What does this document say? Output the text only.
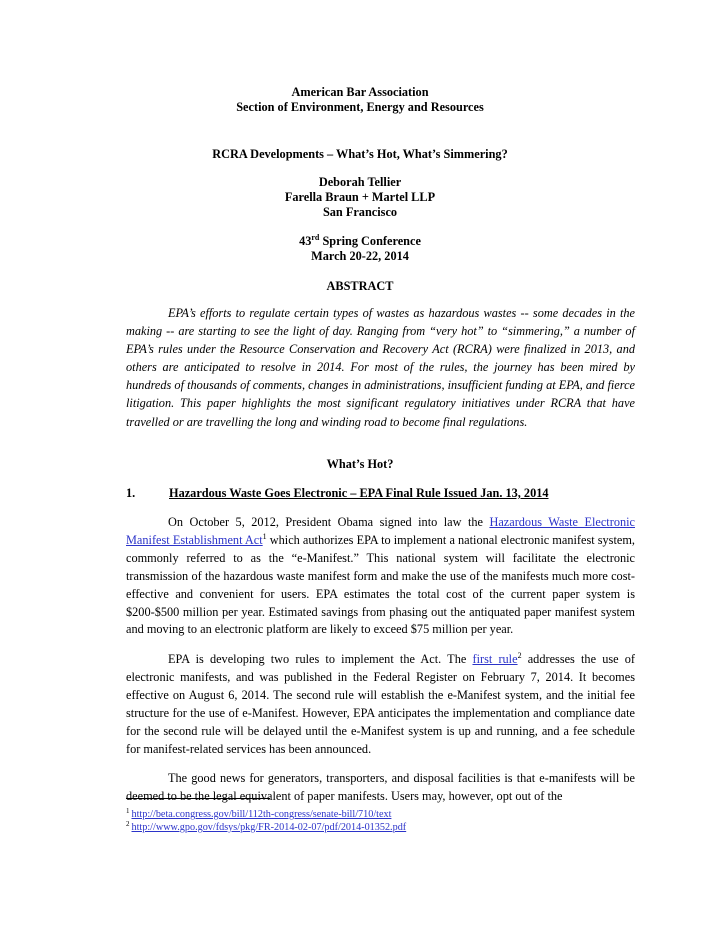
American Bar Association
Section of Environment, Energy and Resources
RCRA Developments – What’s Hot, What’s Simmering?
Deborah Tellier
Farella Braun + Martel LLP
San Francisco
43rd Spring Conference
March 20-22, 2014
ABSTRACT
EPA’s efforts to regulate certain types of wastes as hazardous wastes -- some decades in the making -- are starting to see the light of day. Ranging from “very hot” to “simmering,” a number of EPA’s rules under the Resource Conservation and Recovery Act (RCRA) were finalized in 2013, and others are anticipated to resolve in 2014. For most of the rules, the journey has been mired by hundreds of thousands of comments, changes in administrations, insufficient funding at EPA, and fierce litigation. This paper highlights the most significant regulatory initiatives under RCRA that have travelled or are travelling the long and winding road to become final regulations.
What’s Hot?
1.	Hazardous Waste Goes Electronic – EPA Final Rule Issued Jan. 13, 2014
On October 5, 2012, President Obama signed into law the Hazardous Waste Electronic Manifest Establishment Act$^1$ which authorizes EPA to implement a national electronic manifest system, commonly referred to as the “e-Manifest.” This national system will facilitate the electronic transmission of the hazardous waste manifest form and make the use of the manifests much more cost-effective and convenient for users. EPA estimates the total cost of the current paper system is $200-$500 million per year. Estimated savings from phasing out the antiquated paper manifest system and moving to an electronic platform are likely to exceed $75 million per year.
EPA is developing two rules to implement the Act. The first rule$^2$ addresses the use of electronic manifests, and was published in the Federal Register on February 7, 2014. It becomes effective on August 6, 2014. The second rule will establish the e-Manifest system, and the initial fee structure for the use of e-Manifest. However, EPA anticipates the implementation and compliance date for the second rule will be delayed until the e-Manifest system is up and running, and a fee schedule for manifest-related services has been announced.
The good news for generators, transporters, and disposal facilities is that e-manifests will be deemed to be the legal equivalent of paper manifests. Users may, however, opt out of the
$^1$ http://beta.congress.gov/bill/112th-congress/senate-bill/710/text
$^2$ http://www.gpo.gov/fdsys/pkg/FR-2014-02-07/pdf/2014-01352.pdf
